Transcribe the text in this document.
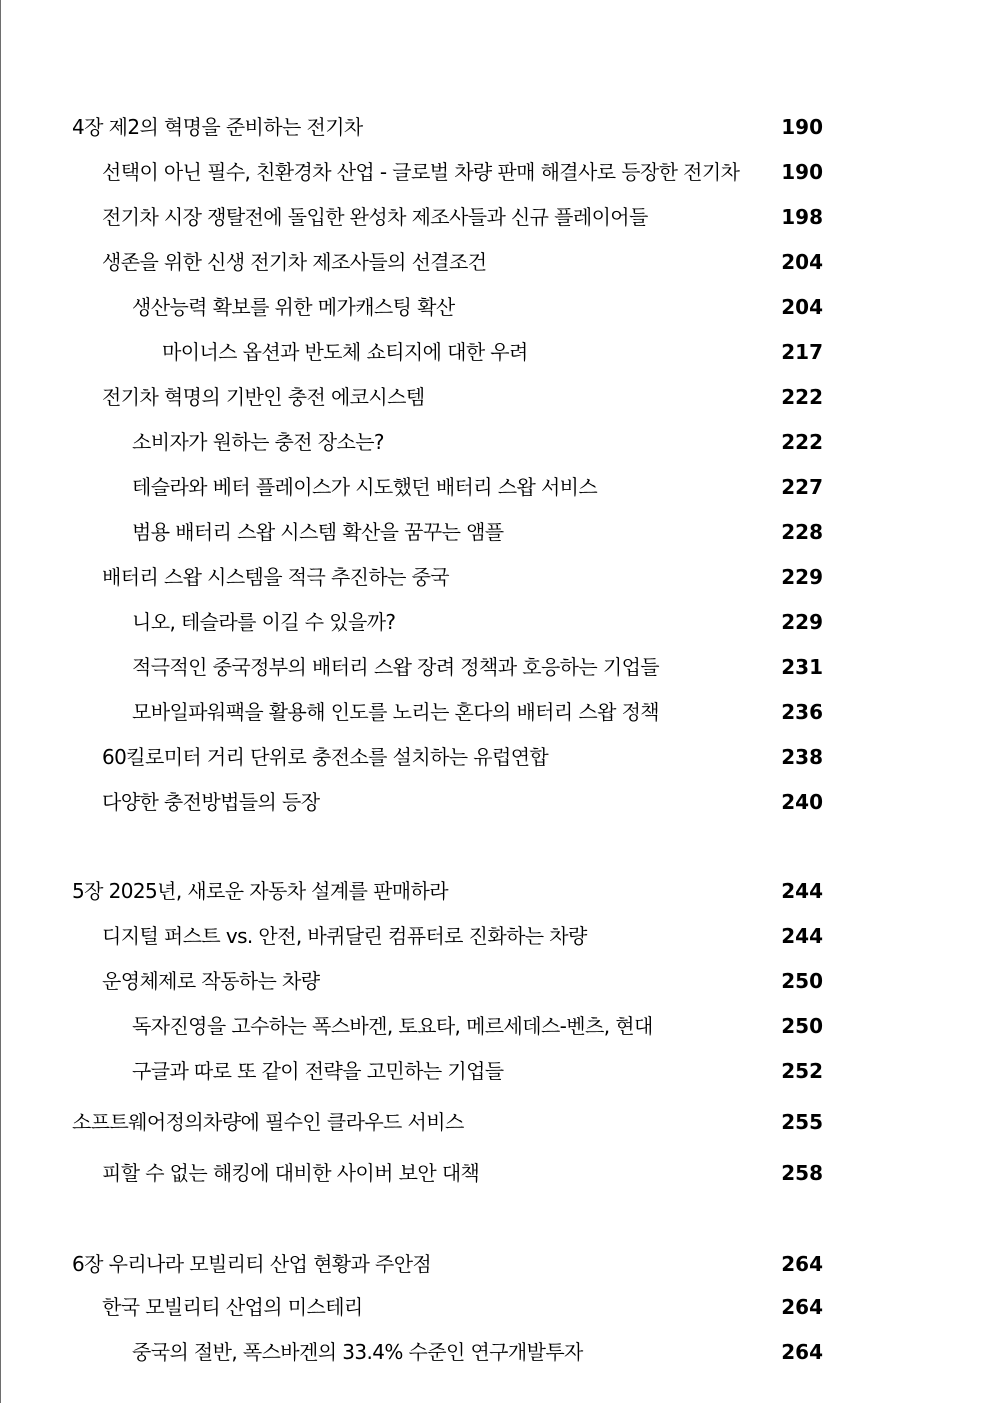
4장 제2의 혁명을 준비하는 전기차	190
선택이 아닌 필수, 친환경차 산업 - 글로벌 차량 판매 해결사로 등장한 전기차 190
전기차 시장 쟁탈전에 돌입한 완성차 제조사들과 신규 플레이어들	198
생존을 위한 신생 전기차 제조사들의 선결조건	204
생산능력 확보를 위한 메가캐스팅 확산	204
마이너스 옵션과 반도체 쇼티지에 대한 우려	217
전기차 혁명의 기반인 충전 에코시스템	222
소비자가 원하는 충전 장소는?	222
테슬라와 베터 플레이스가 시도했던 배터리 스왑 서비스	227
범용 배터리 스왑 시스템 확산을 꿈꾸는 앰플	228
배터리 스왑 시스템을 적극 추진하는 중국	229
니오, 테슬라를 이길 수 있을까?	229
적극적인 중국정부의 배터리 스왑 장려 정책과 호응하는 기업들	231
모바일파워팩을 활용해 인도를 노리는 혼다의 배터리 스왑 정책	236
60킬로미터 거리 단위로 충전소를 설치하는 유럽연합	238
다양한 충전방법들의 등장	240
5장 2025년, 새로운 자동차 설계를 판매하라	244
디지털 퍼스트 vs. 안전, 바퀴달린 컴퓨터로 진화하는 차량	244
운영체제로 작동하는 차량	250
독자진영을 고수하는 폭스바겐, 토요타, 메르세데스-벤츠, 현대	250
구글과 따로 또 같이 전략을 고민하는 기업들	252
소프트웨어정의차량에 필수인 클라우드 서비스	255
피할 수 없는 해킹에 대비한 사이버 보안 대책	258
6장 우리나라 모빌리티 산업 현황과 주안점	264
한국 모빌리티 산업의 미스테리	264
중국의 절반, 폭스바겐의 33.4% 수준인 연구개발투자	264
